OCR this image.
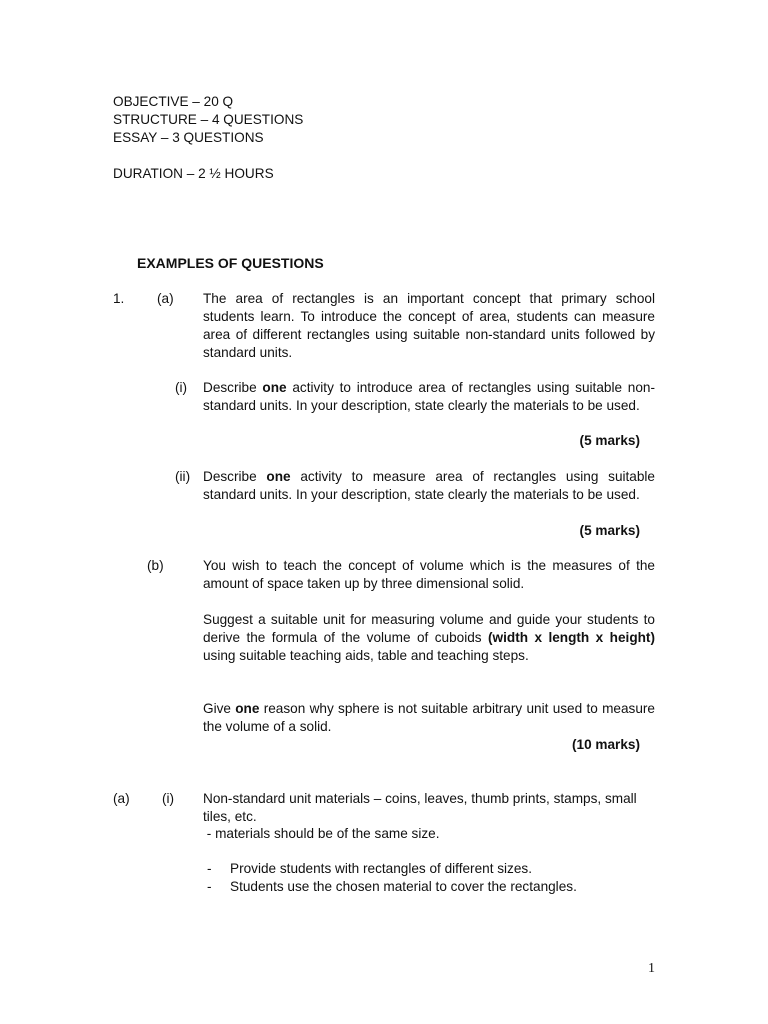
OBJECTIVE – 20 Q
STRUCTURE – 4 QUESTIONS
ESSAY – 3 QUESTIONS
DURATION – 2 ½ HOURS
EXAMPLES OF QUESTIONS
1. (a) The area of rectangles is an important concept that primary school students learn. To introduce the concept of area, students can measure area of different rectangles using suitable non-standard units followed by standard units.
(i) Describe one activity to introduce area of rectangles using suitable non-standard units. In your description, state clearly the materials to be used.
(5 marks)
(ii) Describe one activity to measure area of rectangles using suitable standard units. In your description, state clearly the materials to be used.
(5 marks)
(b)	You wish to teach the concept of volume which is the measures of the amount of space taken up by three dimensional solid.
Suggest a suitable unit for measuring volume and guide your students to derive the formula of the volume of cuboids (width x length x height) using suitable teaching aids, table and teaching steps.
Give one reason why sphere is not suitable arbitrary unit used to measure the volume of a solid.
(10 marks)
(a) (i) Non-standard unit materials – coins, leaves, thumb prints, stamps, small tiles, etc.
- materials should be of the same size.
- Provide students with rectangles of different sizes.
- Students use the chosen material to cover the rectangles.
1
